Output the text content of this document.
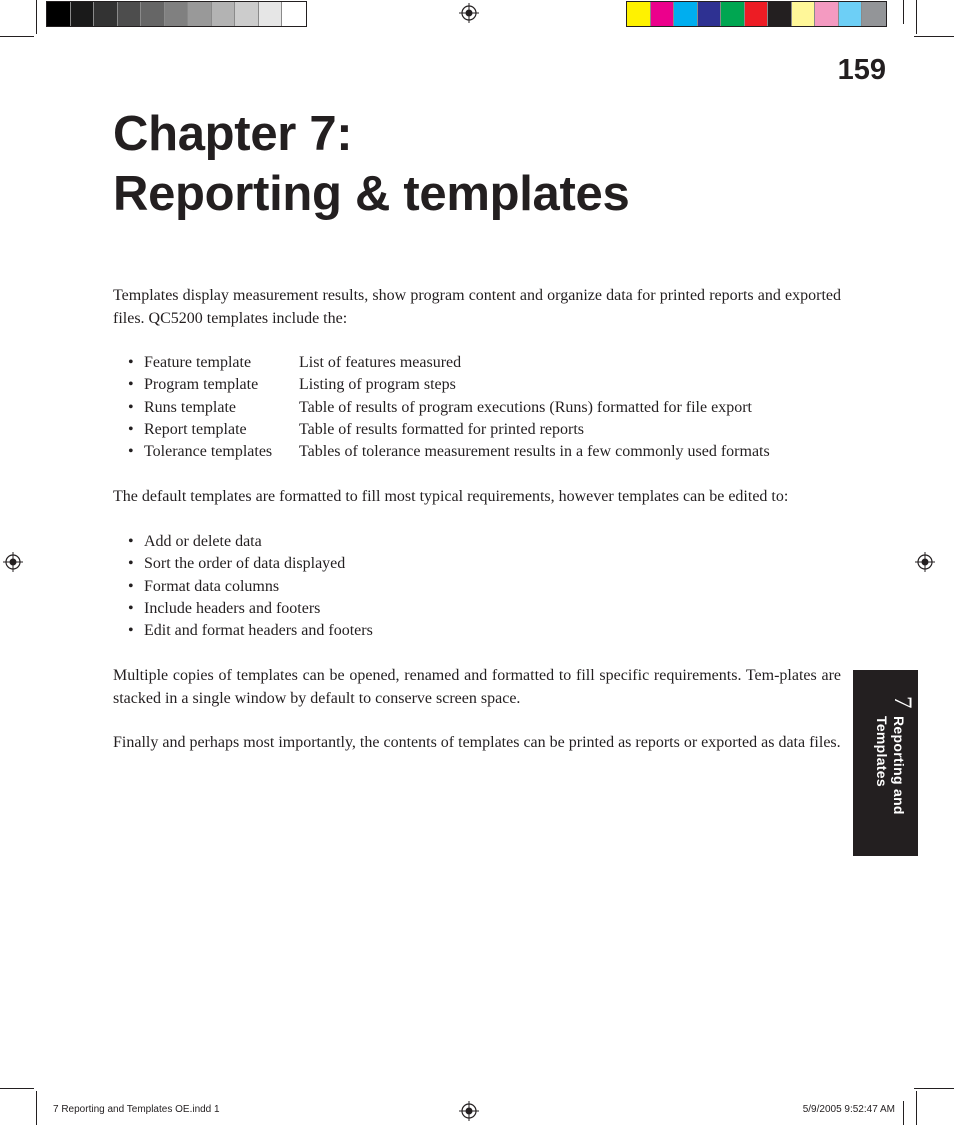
159
Chapter 7:
Reporting & templates

Templates display measurement results, show program content and organize data for printed reports and exported files. QC5200 templates include the:

• Feature template	List of features measured
• Program template	Listing of program steps
• Runs template	Table of results of program executions (Runs) formatted for file export
• Report template	Table of results formatted for printed reports
• Tolerance templates	Tables of tolerance measurement results in a few commonly used formats

The default templates are formatted to fill most typical requirements, however templates can be edited to:

• Add or delete data
• Sort the order of data displayed
• Format data columns
• Include headers and footers
• Edit and format headers and footers

Multiple copies of templates can be opened, renamed and formatted to fill specific requirements. Tem-plates are stacked in a single window by default to conserve screen space.

Finally and perhaps most importantly, the contents of templates can be printed as reports or exported as data files.

7
Reporting and
Templates
7 Reporting and Templates OE.indd 1	5/9/2005 9:52:47 AM
